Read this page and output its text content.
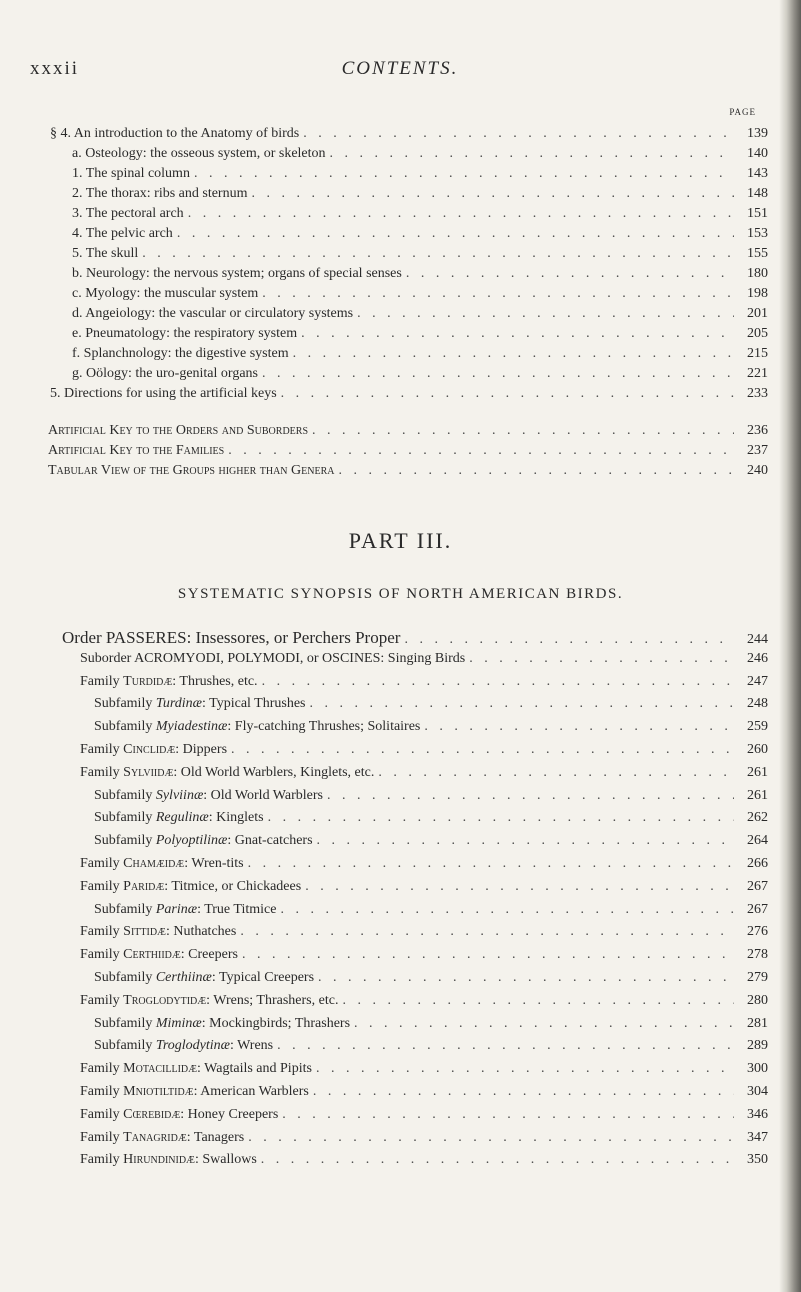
xxxii	CONTENTS.
PAGE
§ 4. An introduction to the Anatomy of birds . . .	139
a. Osteology: the osseous system, or skeleton . . .	140
1. The spinal column . . .	143
2. The thorax: ribs and sternum . . .	148
3. The pectoral arch . . .	151
4. The pelvic arch . . .	153
5. The skull . . .	155
b. Neurology: the nervous system; organs of special senses . . .	180
c. Myology: the muscular system . . .	198
d. Angeiology: the vascular or circulatory systems . . .	201
e. Pneumatology: the respiratory system . . .	205
f. Splanchnology: the digestive system . . .	215
g. Oölogy: the uro-genital organs . . .	221
5. Directions for using the artificial keys . . .	233
Artificial Key to the Orders and Suborders . . .	236
Artificial Key to the Families . . .	237
Tabular View of the Groups higher than Genera . . .	240
PART III.
SYSTEMATIC SYNOPSIS OF NORTH AMERICAN BIRDS.
Order PASSERES: Insessores, or Perchers Proper . . .	244
Suborder ACROMYODI, POLYMODI, or OSCINES: Singing Birds . . .	246
Family Turdidæ: Thrushes, etc. . . .	247
Subfamily Turdinæ: Typical Thrushes . . .	248
Subfamily Myiadestinæ: Fly-catching Thrushes; Solitaires . . .	259
Family Cinclidæ: Dippers . . .	260
Family Sylviidæ: Old World Warblers, Kinglets, etc. . . .	261
Subfamily Sylviinæ: Old World Warblers . . .	261
Subfamily Regulinæ: Kinglets . . .	262
Subfamily Polyoptilinæ: Gnat-catchers . . .	264
Family Chamæidæ: Wren-tits . . .	266
Family Paridæ: Titmice, or Chickadees . . .	267
Subfamily Parinæ: True Titmice . . .	267
Family Sittidæ: Nuthatches . . .	276
Family Certhiidæ: Creepers . . .	278
Subfamily Certhiinæ: Typical Creepers . . .	279
Family Troglodytidæ: Wrens; Thrashers, etc. . . .	280
Subfamily Miminæ: Mockingbirds; Thrashers . . .	281
Subfamily Troglodytinæ: Wrens . . .	289
Family Motacillidæ: Wagtails and Pipits . . .	300
Family Mniotiltidæ: American Warblers . . .	304
Family Cœrebidæ: Honey Creepers . . .	346
Family Tanagridæ: Tanagers . . .	347
Family Hirundinidæ: Swallows . . .	350
